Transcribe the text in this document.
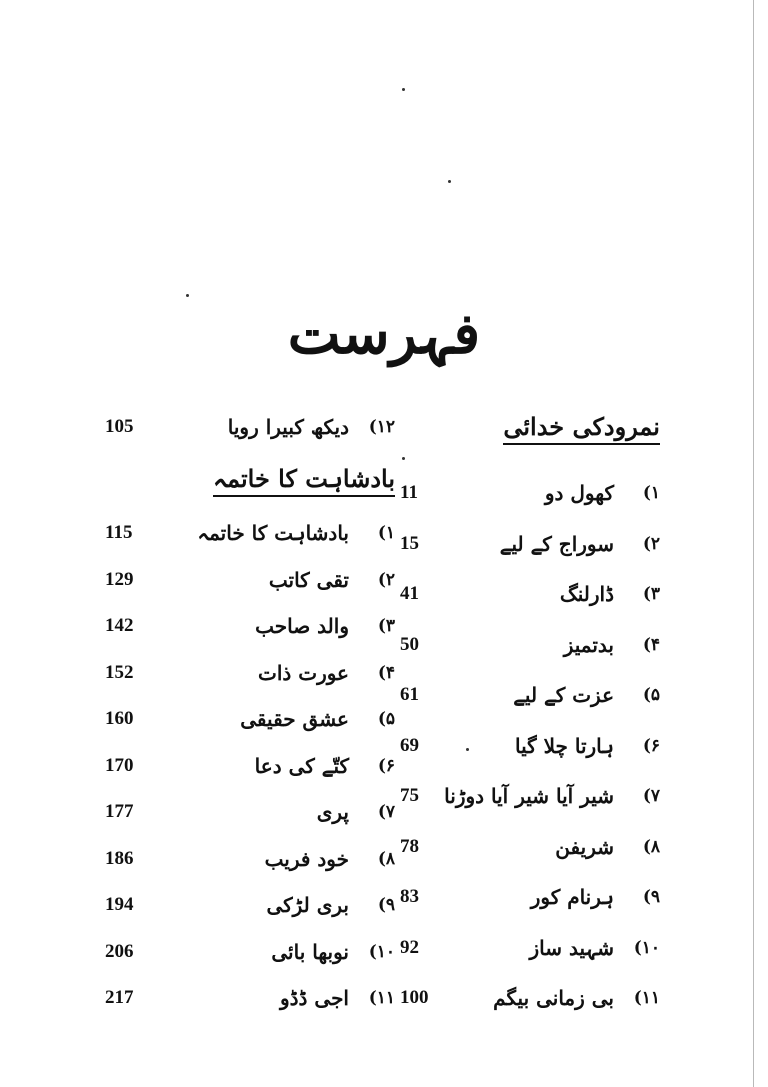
فہرست
نمرودکی خدائی
۱)
کھول دو
11
۲)
سوراج کے لیے
15
۳)
ڈارلنگ
41
۴)
بدتمیز
50
۵)
عزت کے لیے
61
۶)
ہارتا چلا گیا
69
۷)
شیر آیا شیر آیا دوڑنا
75
۸)
شریفن
78
۹)
ہرنام کور
83
۱۰)
شہید ساز
92
۱۱)
بی زمانی بیگم
100
۱۲)
دیکھ کبیرا رویا
105
بادشاہت کا خاتمہ
۱)
بادشاہت کا خاتمہ
115
۲)
تقی کاتب
129
۳)
والد صاحب
142
۴)
عورت ذات
152
۵)
عشق حقیقی
160
۶)
کتّے کی دعا
170
۷)
پری
177
۸)
خود فریب
186
۹)
بری لڑکی
194
۱۰)
نوبھا بائی
206
۱۱)
اجی ڈڈو
217
